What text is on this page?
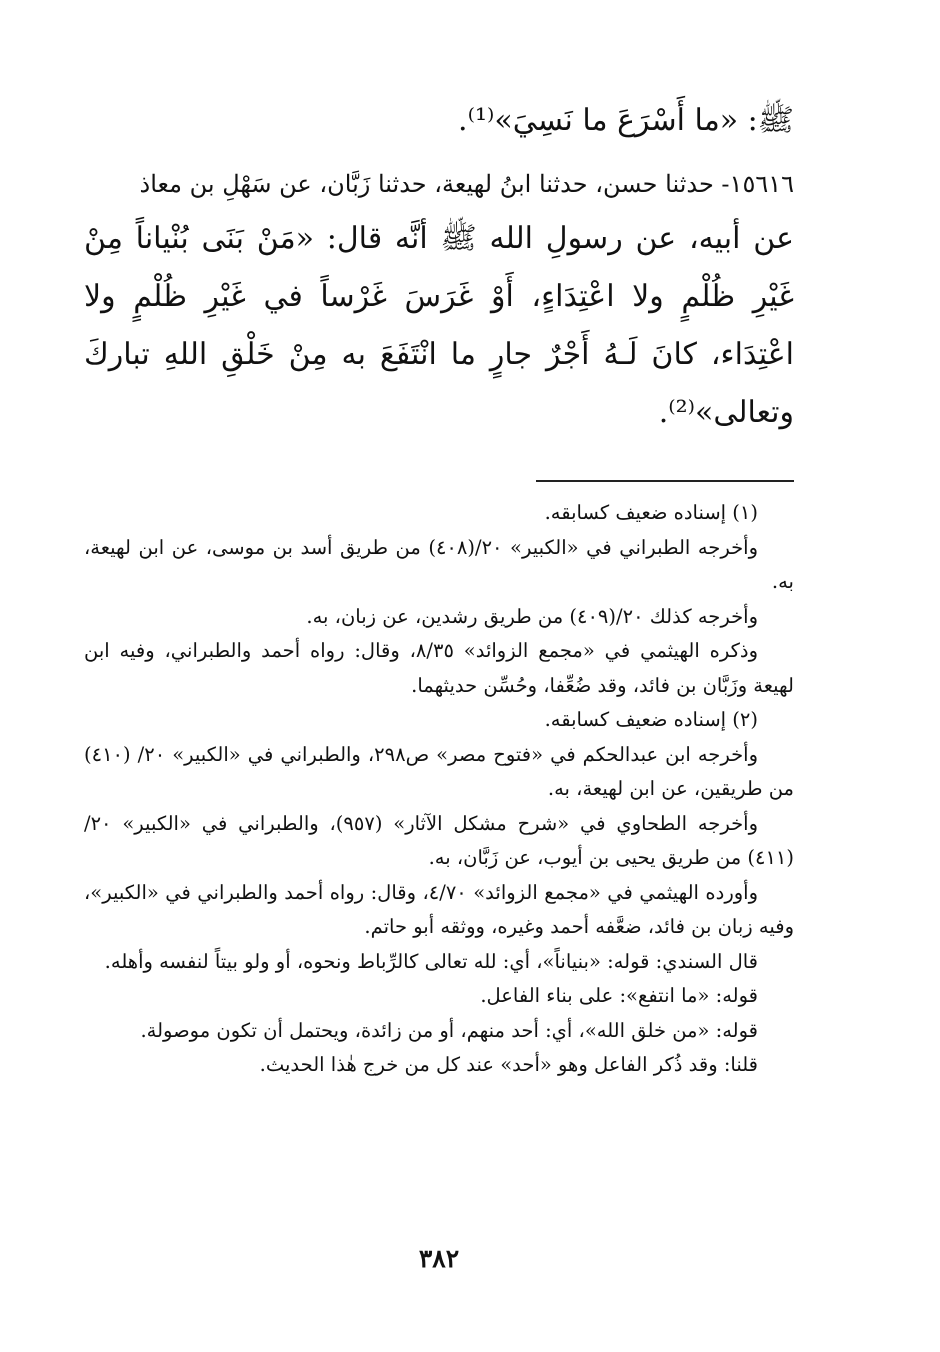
ﷺ: «ما أَسْرَعَ ما نَسِيَ»⁽¹⁾.

١٥٦١٦- حدثنا حسن، حدثنا ابنُ لهيعة، حدثنا زَبَّان، عن سَهْلِ بن معاذ

عن أبيه، عن رسولِ الله ﷺ أنَّه قال: «مَنْ بَنَى بُنْياناً مِنْ غَيْرِ ظُلْمٍ ولا اعْتِدَاءٍ، أَوْ غَرَسَ غَرْساً في غَيْرِ ظُلْمٍ ولا اعْتِدَاء، كانَ لَـهُ أَجْرٌ جارٍ ما انْتَفَعَ به مِنْ خَلْقِ اللهِ تباركَ وتعالى»⁽²⁾.

(١) إسناده ضعيف كسابقه.

وأخرجه الطبراني في «الكبير» ٢٠/(٤٠٨) من طريق أسد بن موسى، عن ابن لهيعة، به.

وأخرجه كذلك ٢٠/(٤٠٩) من طريق رشدين، عن زبان، به.

وذكره الهيثمي في «مجمع الزوائد» ٨/٣٥، وقال: رواه أحمد والطبراني، وفيه ابن لهيعة وزَبَّان بن فائد، وقد ضُعِّفا، وحُسِّن حديثهما.

(٢) إسناده ضعيف كسابقه.

وأخرجه ابن عبدالحكم في «فتوح مصر» ص٢٩٨، والطبراني في «الكبير» ٢٠/ (٤١٠) من طريقين، عن ابن لهيعة، به.

وأخرجه الطحاوي في «شرح مشكل الآثار» (٩٥٧)، والطبراني في «الكبير» ٢٠/ (٤١١) من طريق يحيى بن أيوب، عن زَبَّان، به.

وأورده الهيثمي في «مجمع الزوائد» ٤/٧٠، وقال: رواه أحمد والطبراني في «الكبير»، وفيه زبان بن فائد، ضعَّفه أحمد وغيره، ووثقه أبو حاتم.

قال السندي: قوله: «بنياناً»، أي: لله تعالى كالرِّباط ونحوه، أو ولو بيتاً لنفسه وأهله.

قوله: «ما انتفع»: على بناء الفاعل.

قوله: «من خلق الله»، أي: أحد منهم، أو من زائدة، ويحتمل أن تكون موصولة.

قلنا: وقد ذُكر الفاعل وهو «أحد» عند كل من خرج هٰذا الحديث.

٣٨٢
